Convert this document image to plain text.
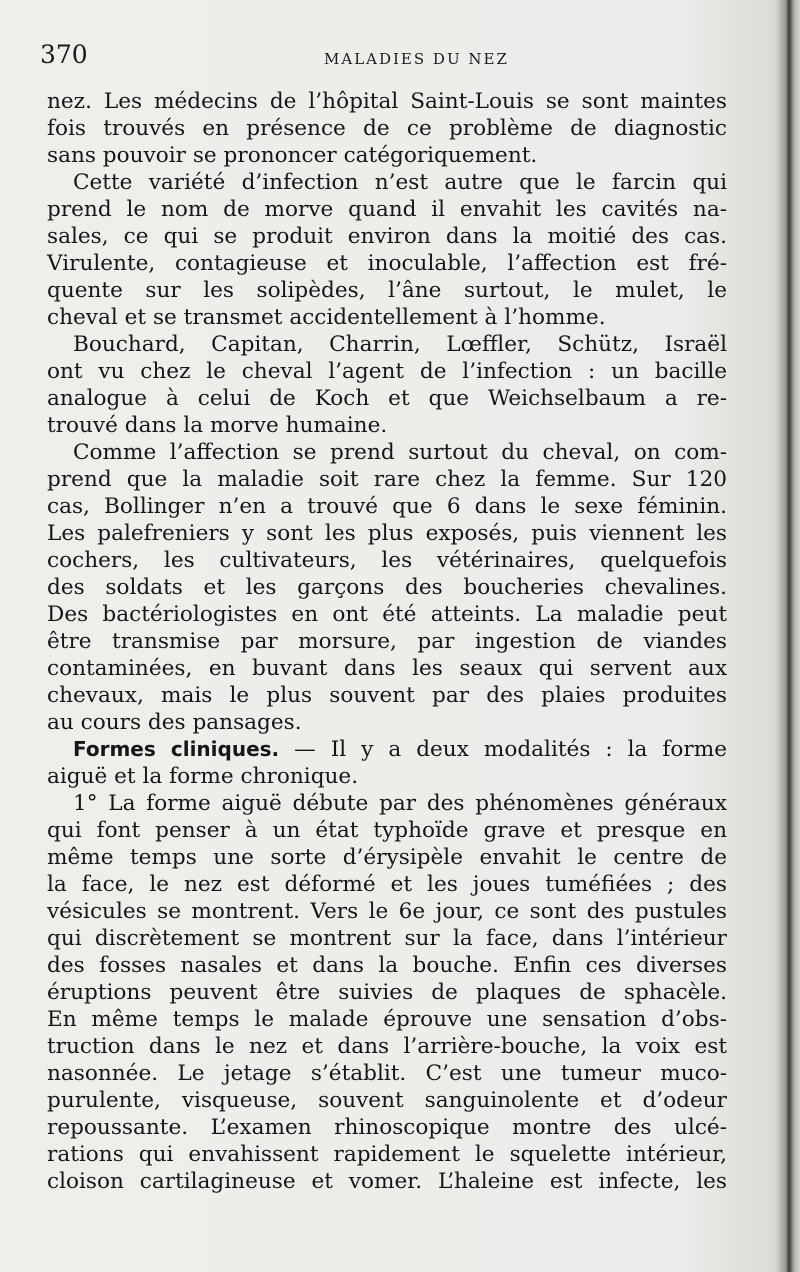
370	MALADIES DU NEZ
nez. Les médecins de l’hôpital Saint-Louis se sont maintes
fois trouvés en présence de ce problème de diagnostic
sans pouvoir se prononcer catégoriquement.
Cette variété d’infection n’est autre que le farcin qui
prend le nom de morve quand il envahit les cavités na-
sales, ce qui se produit environ dans la moitié des cas.
Virulente, contagieuse et inoculable, l’affection est fré-
quente sur les solipèdes, l’âne surtout, le mulet, le
cheval et se transmet accidentellement à l’homme.
Bouchard, Capitan, Charrin, Lœffler, Schütz, Israël
ont vu chez le cheval l’agent de l’infection : un bacille
analogue à celui de Koch et que Weichselbaum a re-
trouvé dans la morve humaine.
Comme l’affection se prend surtout du cheval, on com-
prend que la maladie soit rare chez la femme. Sur 120
cas, Bollinger n’en a trouvé que 6 dans le sexe féminin.
Les palefreniers y sont les plus exposés, puis viennent les
cochers, les cultivateurs, les vétérinaires, quelquefois
des soldats et les garçons des boucheries chevalines.
Des bactériologistes en ont été atteints. La maladie peut
être transmise par morsure, par ingestion de viandes
contaminées, en buvant dans les seaux qui servent aux
chevaux, mais le plus souvent par des plaies produites
au cours des pansages.
Formes cliniques. — Il y a deux modalités : la forme
aiguë et la forme chronique.
1° La forme aiguë débute par des phénomènes généraux
qui font penser à un état typhoïde grave et presque en
même temps une sorte d’érysipèle envahit le centre de
la face, le nez est déformé et les joues tuméfiées ; des
vésicules se montrent. Vers le 6e jour, ce sont des pustules
qui discrètement se montrent sur la face, dans l’intérieur
des fosses nasales et dans la bouche. Enfin ces diverses
éruptions peuvent être suivies de plaques de sphacèle.
En même temps le malade éprouve une sensation d’obs-
truction dans le nez et dans l’arrière-bouche, la voix est
nasonnée. Le jetage s’établit. C’est une tumeur muco-
purulente, visqueuse, souvent sanguinolente et d’odeur
repoussante. L’examen rhinoscopique montre des ulcé-
rations qui envahissent rapidement le squelette intérieur,
cloison cartilagineuse et vomer. L’haleine est infecte, les
